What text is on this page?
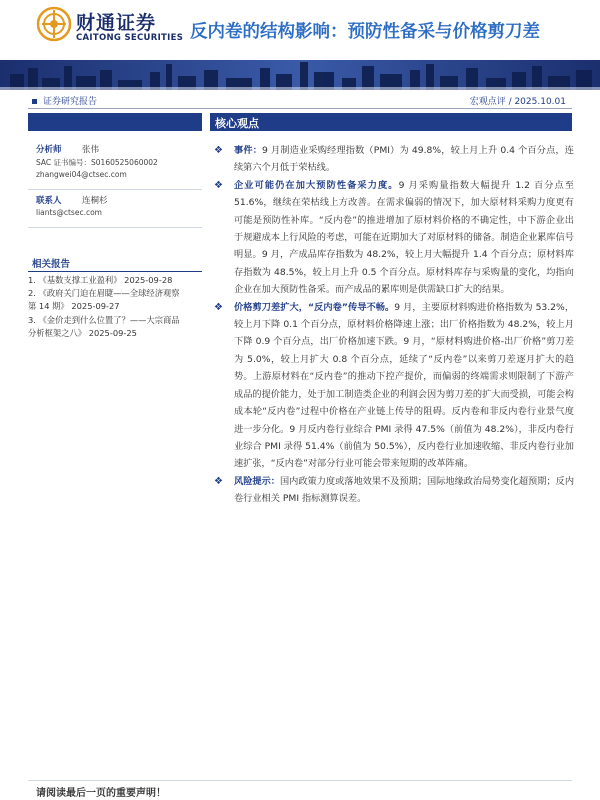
财通证券
CAITONG SECURITIES 反内卷的结构影响：预防性备采与价格剪刀差
证券研究报告	宏观点评 / 2025.10.01
分析师 张伟
SAC 证书编号：S0160525060002
zhangwei04@ctsec.com
联系人 连桐杉
liants@ctsec.com
相关报告
1. 《基数支撑工业盈利》 2025-09-28
2. 《政府关门迫在眉睫——全球经济观察
第 14 期》 2025-09-27
3. 《金价走到什么位置了？——大宗商品
分析框架之八》 2025-09-25
核心观点
❖	事件：9 月制造业采购经理指数（PMI）为 49.8%，较上月上升 0.4 个百分点，连续第六个月低于荣枯线。
❖	企业可能仍在加大预防性备采力度。9 月采购量指数大幅提升 1.2 百分点至 51.6%，继续在荣枯线上方改善。在需求偏弱的情况下，加大原材料采购力度更有可能是预防性补库。“反内卷”的推进增加了原材料价格的不确定性，中下游企业出于规避成本上行风险的考虑，可能在近期加大了对原材料的储备。制造企业累库信号明显。9 月，产成品库存指数为 48.2%，较上月大幅提升 1.4 个百分点；原材料库存指数为 48.5%，较上月上升 0.5 个百分点。原材料库存与采购量的变化，均指向企业在加大预防性备采。而产成品的累库则是供需缺口扩大的结果。
❖	价格剪刀差扩大，“反内卷”传导不畅。9 月，主要原材料购进价格指数为 53.2%，较上月下降 0.1 个百分点，原材料价格降速上涨；出厂价格指数为 48.2%，较上月下降 0.9 个百分点，出厂价格加速下跌。9 月，“原材料购进价格-出厂价格”剪刀差为 5.0%，较上月扩大 0.8 个百分点，延续了“反内卷”以来剪刀差逐月扩大的趋势。上游原材料在“反内卷”的推动下控产提价，而偏弱的终端需求则限制了下游产成品的提价能力，处于加工制造类企业的利润会因为剪刀差的扩大而受损，可能会构成本轮“反内卷”过程中价格在产业链上传导的阻碍。反内卷和非反内卷行业景气度进一步分化。9 月反内卷行业综合 PMI 录得 47.5%（前值为 48.2%），非反内卷行业综合 PMI 录得 51.4%（前值为 50.5%），反内卷行业加速收缩、非反内卷行业加速扩张，“反内卷”对部分行业可能会带来短期的改革阵痛。
❖	风险提示：国内政策力度或落地效果不及预期；国际地缘政治局势变化超预期；反内卷行业相关 PMI 指标测算误差。
请阅读最后一页的重要声明！
